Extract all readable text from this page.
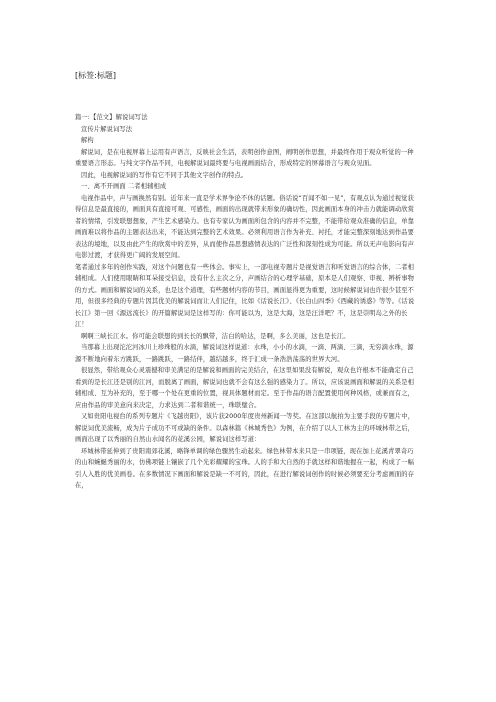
[标签:标题]

篇一:【范文】解说词写法

宣传片解说词写法

解构

解说词，是在电视屏幕上运用有声语言，反映社会生活，表明创作意图，阐明创作思想，并最终作用于观众听觉的一种重要语言形态。与纯文字作品不同，电视解说词最终要与电视画面结合，形成特定的屏幕语言与观众见面。

因此，电视解说词的写作有它不同于其他文字创作的特点。

一、离不开画面 二者相辅相成

电视作品中，声与画换然有别。近年来一直是学术界争论不休的话题。俗话说“百闻不如一见”，有观点认为通过视觉获得信息是最直接的，画面具有直接可观、可感性，画面的出现就带来形象的确切性，因此画面本身的冲击力就能调动欣赏者的情绪，引发联想想象，产生艺术感染力。也有专家认为画面所包含的内容并不完整，不能带给观众准确的信息，单靠画面难以将作品的主题表达出来，不能达到完整的艺术效果。必须利用语言作为补充、衬托，才能完整深刻地达到作品要表达的境地，以及由此产生的欣赏中的差异，从而使作品思想感情表达的广泛性和深刻性成为可能。所以无声电影向有声电影过渡，才获得更广阔的发展空间。

笔者通过多年的创作实践，对这个问题也有一些体会。事实上，一部电视专题片是视觉语言和听觉语言的综合体，二者相辅相成。人们使用眼睛和耳朵接受信息，没有什么主次之分，声画结合的心理学基础，原本是人们观察、审视、辨析事物的方式。画面和解说词的关系，也是这个道理，有些题材内容的节目，画面显得更为重要，这时候解说词也许很少甚至不用，但很多经典的专题片因其优美的解说词而让人们记住，比如《话说长江》、《长白山四季》《西藏的诱惑》等等。《话说长江》第一回《源远流长》的开篇解说词是这样写的：你可能以为，这是大海，这是汪洋吧？不，这是崇明岛之外的长江！

啊啊三峡长江水。你可能会联想的到长长的飘带，洁白的哈达，是啊，多么美丽，这也是长江。

当那幕上出现沱沱河冰川上珍珠般的水滴，解说词这样说道：水珠，小小的水滴，一滴、两滴、三滴，无穷滴水珠，源源不断地向着东方跳跃，一路跳跃，一路结伴，越结越多，终于汇成一条浩浩荡荡的世界大河。

很显然，带给观众心灵震撼和审美满足的是解说和画面的完美结合，在这里如果没有解说，观众也许根本不能确定自己看到的是长江还是别的江河，而脱离了画面，解说词也就不会有这么强的感染力了。所以，应该说画面和解说的关系是相辅相成、互为补充的，至于哪一个处在更重的位置，视具体题材而定。至于作品的语言配置使用何种风格，或兼而有之，应由作品的审美意向来决定，力求达到二者和谐统一，珠联璧合。

又如贵阳电视台的系列专题片《飞越贵阳》，该片获2000年度贵州新闻一等奖。在这部以航拍为主要手段的专题片中，解说词优美流畅，成为片子成功不可或缺的条件。以森林篇《林城秀色》为例，在介绍了以人工林为主的环城林带之后，画面出现了以秀丽的自然山水闻名的花溪公园，解说词这样写道：

环城林带延伸到了贵阳南郊花溪，略锋单调的绿色骤然生动起来。绿色林带本来只是一串项链，现在加上花溪青翠奇巧的山和蜿蜒秀丽的水，仿佛项链上镶嵌了几个光彩耀耀的宝珠。人的手和大自然的手就这样和谐地握在一起，构成了一幅引人入胜的优美画卷。在多数情况下画面和解说是缺一不可的，因此，在进行解说词创作的时候必须要充分考虑画面的存在，
